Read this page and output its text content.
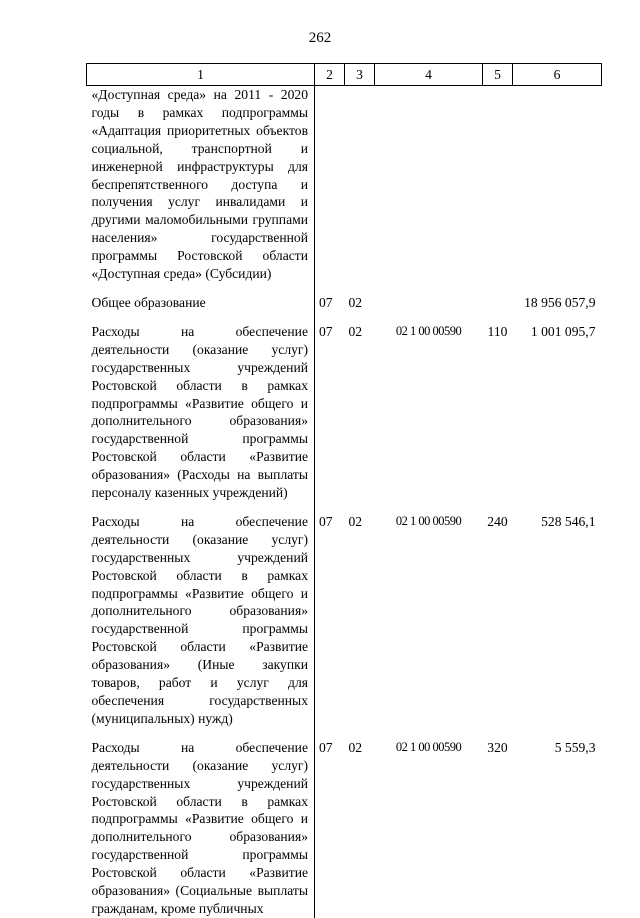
262
1	2	3	4	5	6
«Доступная среда» на 2011 - 2020 годы в рамках подпрограммы «Адаптация приоритетных объектов социальной, транспортной и инженерной инфраструктуры для беспрепятственного доступа и получения услуг инвалидами и другими маломобильными группами населения» государственной программы Ростовской области «Доступная среда» (Субсидии)					
Общее образование	07	02			18 956 057,9
Расходы на обеспечение деятельности (оказание услуг) государственных учреждений Ростовской области в рамках подпрограммы «Развитие общего и дополнительного образования» государственной программы Ростовской области «Развитие образования» (Расходы на выплаты персоналу казенных учреждений)	07	02	02 1 00 00590	110	1 001 095,7
Расходы на обеспечение деятельности (оказание услуг) государственных учреждений Ростовской области в рамках подпрограммы «Развитие общего и дополнительного образования» государственной программы Ростовской области «Развитие образования» (Иные закупки товаров, работ и услуг для обеспечения государственных (муниципальных) нужд)	07	02	02 1 00 00590	240	528 546,1
Расходы на обеспечение деятельности (оказание услуг) государственных учреждений Ростовской области в рамках подпрограммы «Развитие общего и дополнительного образования» государственной программы Ростовской области «Развитие образования» (Социальные выплаты гражданам, кроме публичных	07	02	02 1 00 00590	320	5 559,3
